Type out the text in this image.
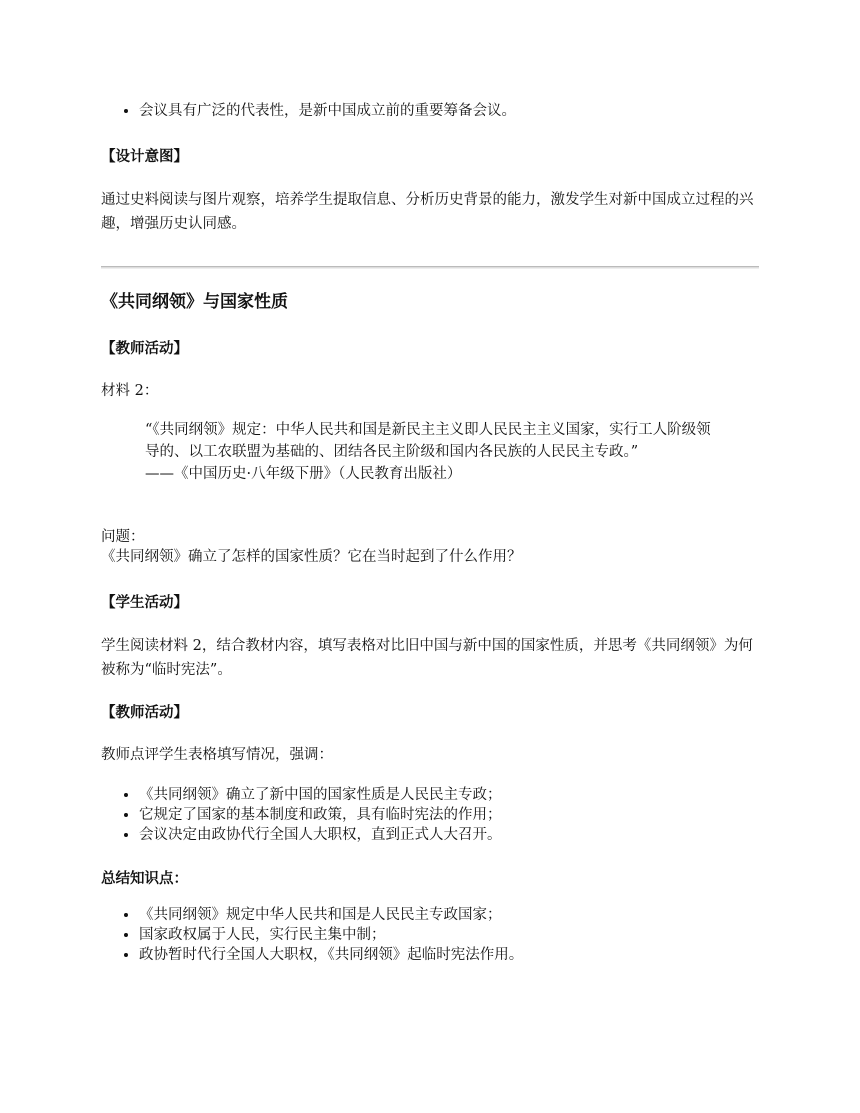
• 会议具有广泛的代表性，是新中国成立前的重要筹备会议。

【设计意图】

通过史料阅读与图片观察，培养学生提取信息、分析历史背景的能力，激发学生对新中国成立过程的兴趣，增强历史认同感。

《共同纲领》与国家性质

【教师活动】

材料 2：

“《共同纲领》规定：中华人民共和国是新民主主义即人民民主主义国家，实行工人阶级领导的、以工农联盟为基础的、团结各民主阶级和国内各民族的人民民主专政。”

——《中国历史·八年级下册》（人民教育出版社）

问题：

《共同纲领》确立了怎样的国家性质？它在当时起到了什么作用？

【学生活动】

学生阅读材料 2，结合教材内容，填写表格对比旧中国与新中国的国家性质，并思考《共同纲领》为何被称为“临时宪法”。

【教师活动】

教师点评学生表格填写情况，强调：

• 《共同纲领》确立了新中国的国家性质是人民民主专政；
• 它规定了国家的基本制度和政策，具有临时宪法的作用；
• 会议决定由政协代行全国人大职权，直到正式人大召开。

总结知识点：

• 《共同纲领》规定中华人民共和国是人民民主专政国家；
• 国家政权属于人民，实行民主集中制；
• 政协暂时代行全国人大职权，《共同纲领》起临时宪法作用。
